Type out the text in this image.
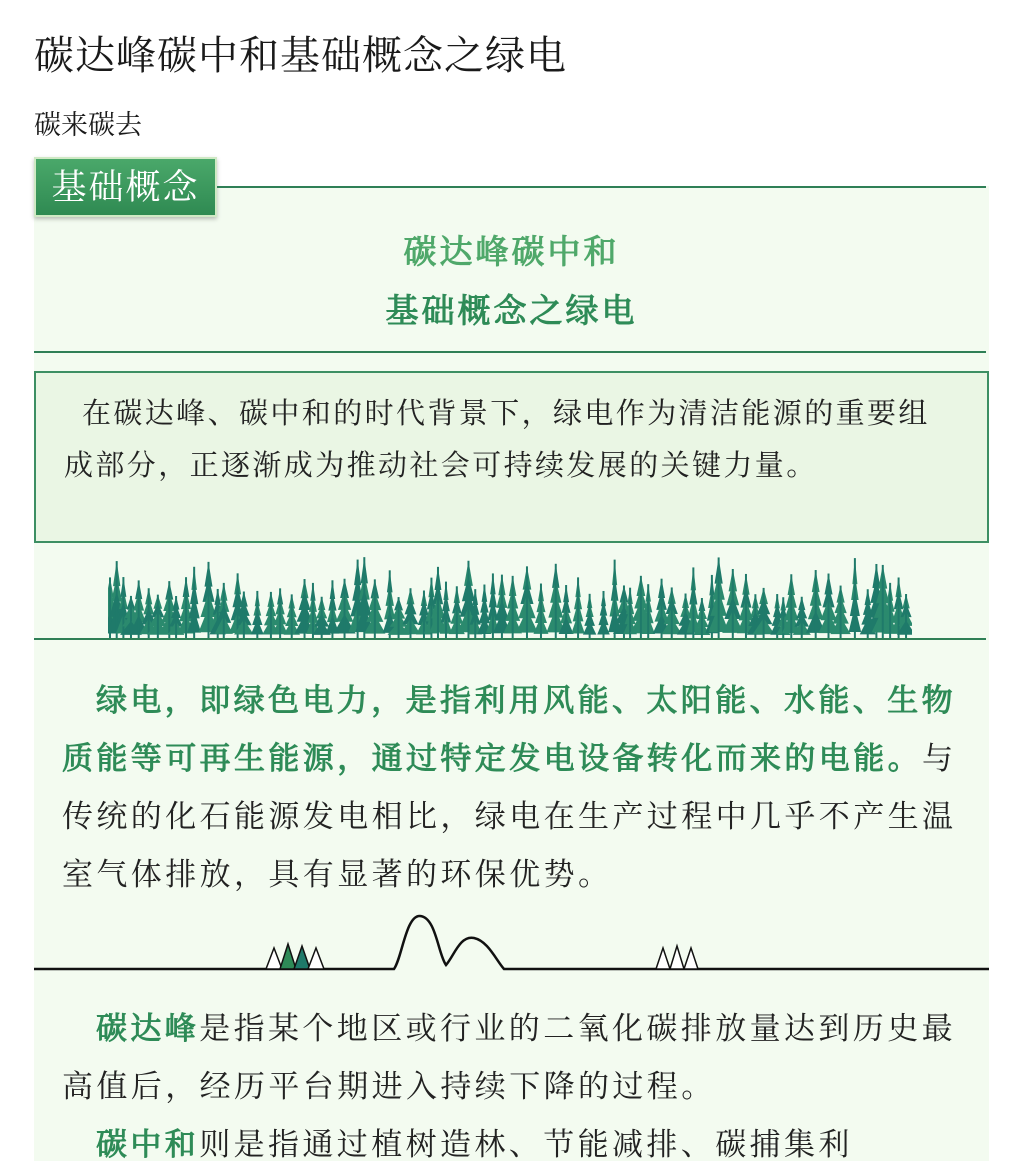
碳达峰碳中和基础概念之绿电
碳来碳去
基础概念
碳达峰碳中和
基础概念之绿电
在碳达峰、碳中和的时代背景下，绿电作为清洁能源的重要组成部分，正逐渐成为推动社会可持续发展的关键力量。
绿电，即绿色电力，是指利用风能、太阳能、水能、生物质能等可再生能源，通过特定发电设备转化而来的电能。与传统的化石能源发电相比，绿电在生产过程中几乎不产生温室气体排放，具有显著的环保优势。
碳达峰是指某个地区或行业的二氧化碳排放量达到历史最高值后，经历平台期进入持续下降的过程。
碳中和则是指通过植树造林、节能减排、碳捕集利
